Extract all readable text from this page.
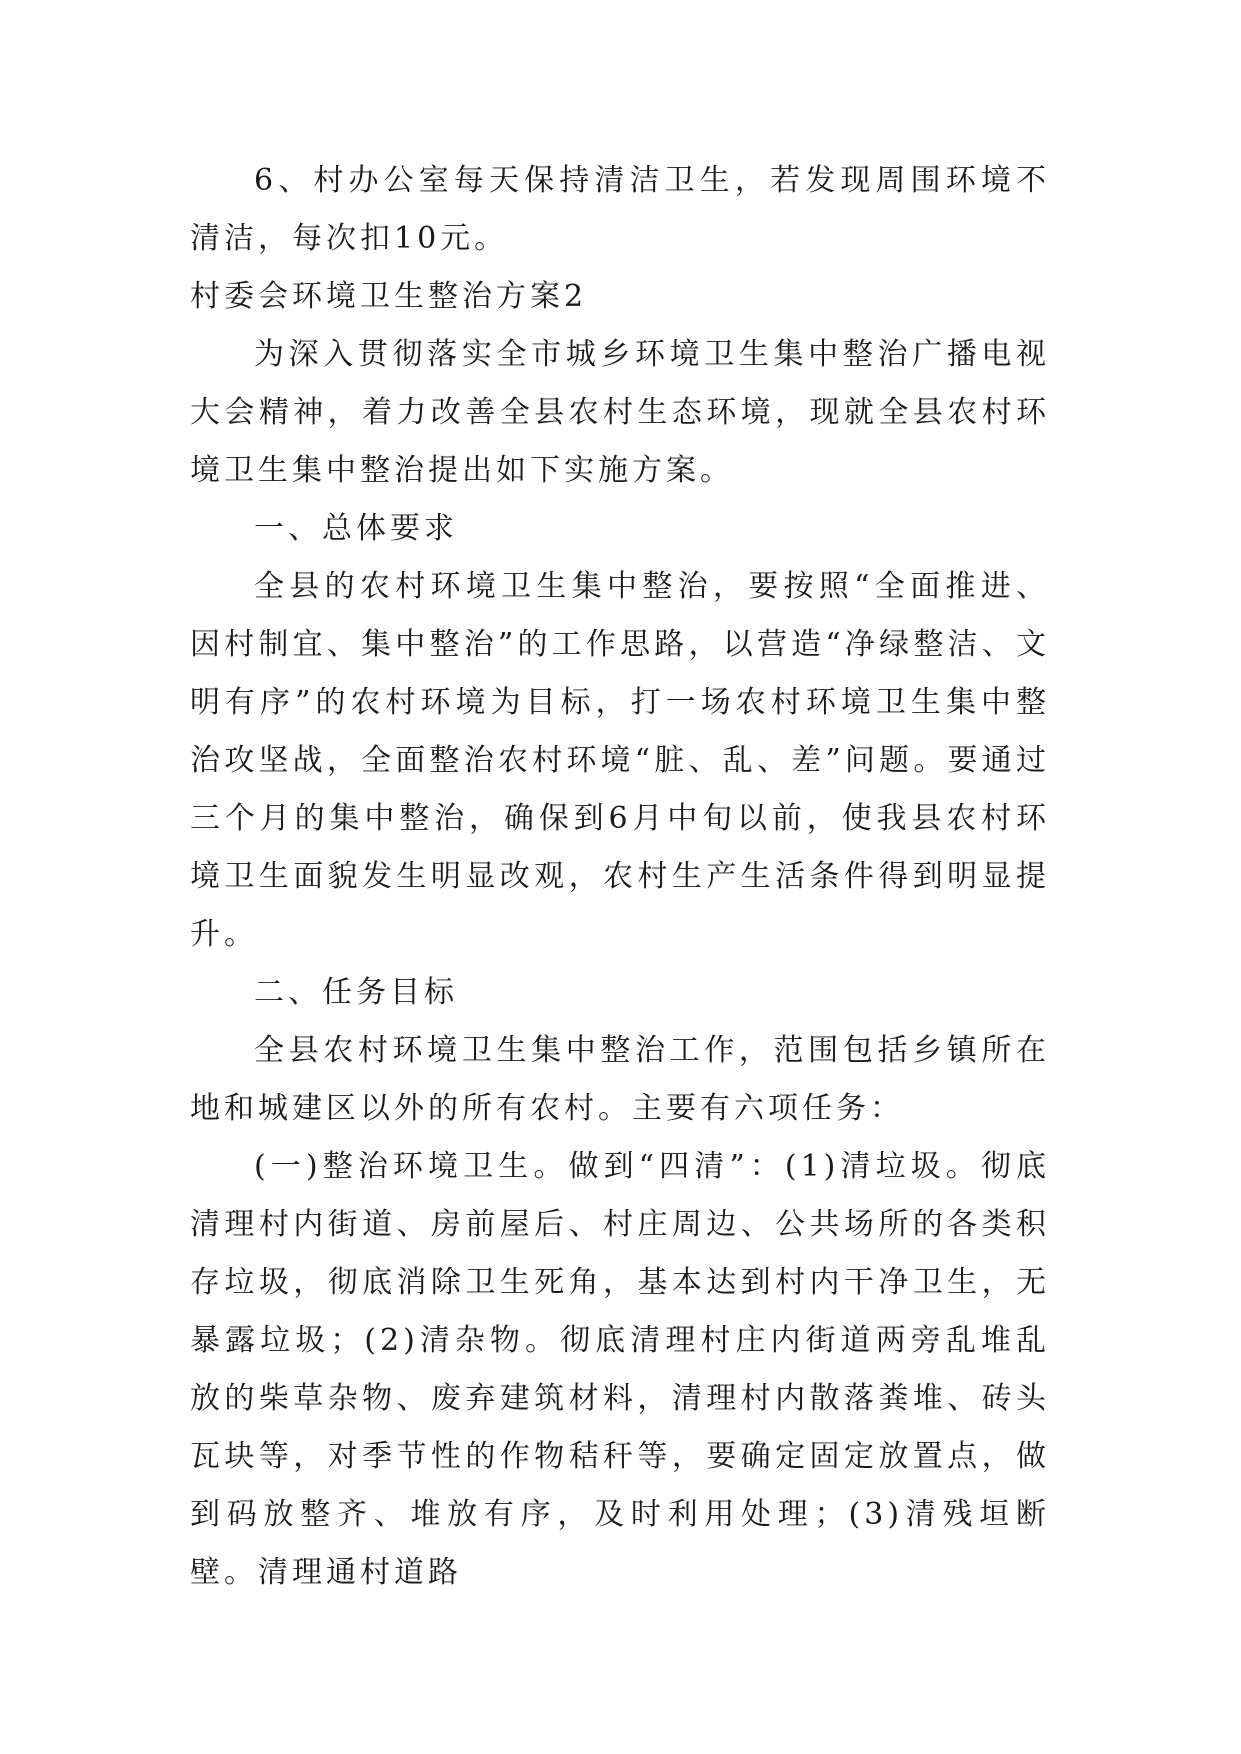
6、村办公室每天保持清洁卫生，若发现周围环境不清洁，每次扣10元。

村委会环境卫生整治方案2

为深入贯彻落实全市城乡环境卫生集中整治广播电视大会精神，着力改善全县农村生态环境，现就全县农村环境卫生集中整治提出如下实施方案。

一、总体要求

全县的农村环境卫生集中整治，要按照“全面推进、因村制宜、集中整治”的工作思路，以营造“净绿整洁、文明有序”的农村环境为目标，打一场农村环境卫生集中整治攻坚战，全面整治农村环境“脏、乱、差”问题。要通过三个月的集中整治，确保到6月中旬以前，使我县农村环境卫生面貌发生明显改观，农村生产生活条件得到明显提升。

二、任务目标

全县农村环境卫生集中整治工作，范围包括乡镇所在地和城建区以外的所有农村。主要有六项任务：

(一)整治环境卫生。做到“四清”：(1)清垃圾。彻底清理村内街道、房前屋后、村庄周边、公共场所的各类积存垃圾，彻底消除卫生死角，基本达到村内干净卫生，无暴露垃圾；(2)清杂物。彻底清理村庄内街道两旁乱堆乱放的柴草杂物、废弃建筑材料，清理村内散落粪堆、砖头瓦块等，对季节性的作物秸秆等，要确定固定放置点，做到码放整齐、堆放有序，及时利用处理；(3)清残垣断壁。清理通村道路
